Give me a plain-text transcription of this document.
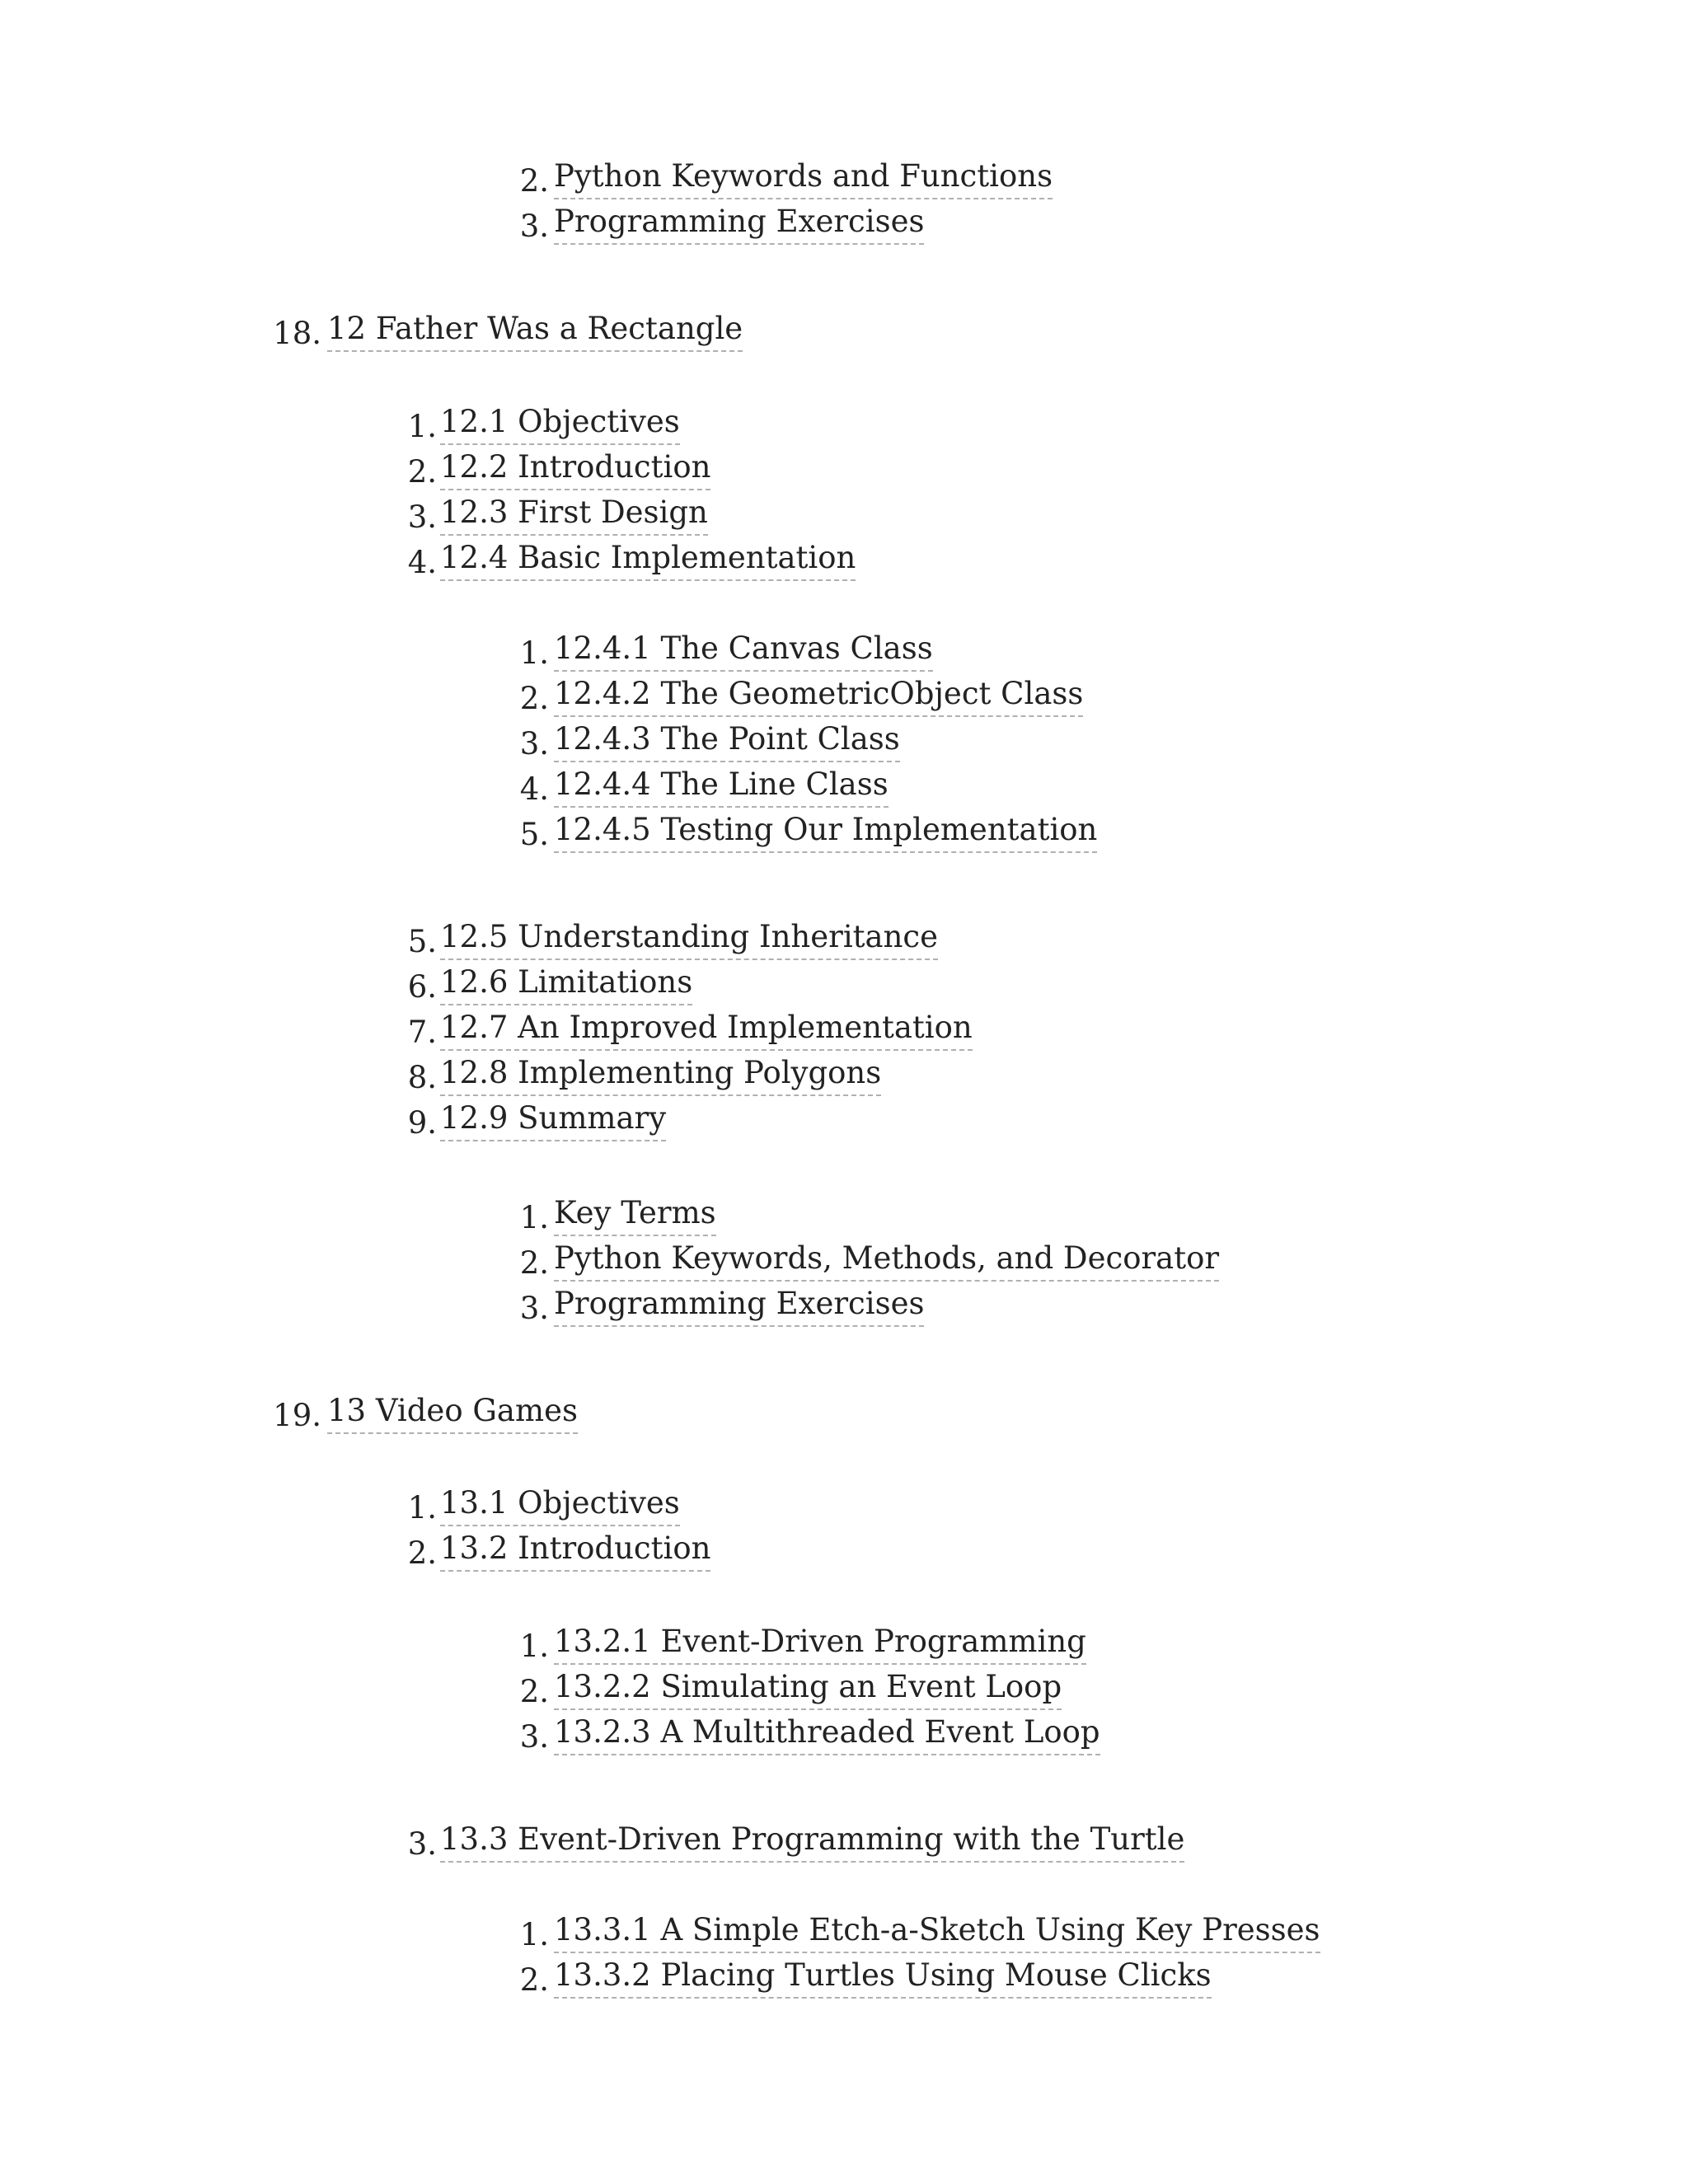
2. Python Keywords and Functions
3. Programming Exercises
18. 12 Father Was a Rectangle
1. 12.1 Objectives
2. 12.2 Introduction
3. 12.3 First Design
4. 12.4 Basic Implementation
1. 12.4.1 The Canvas Class
2. 12.4.2 The GeometricObject Class
3. 12.4.3 The Point Class
4. 12.4.4 The Line Class
5. 12.4.5 Testing Our Implementation
5. 12.5 Understanding Inheritance
6. 12.6 Limitations
7. 12.7 An Improved Implementation
8. 12.8 Implementing Polygons
9. 12.9 Summary
1. Key Terms
2. Python Keywords, Methods, and Decorator
3. Programming Exercises
19. 13 Video Games
1. 13.1 Objectives
2. 13.2 Introduction
1. 13.2.1 Event-Driven Programming
2. 13.2.2 Simulating an Event Loop
3. 13.2.3 A Multithreaded Event Loop
3. 13.3 Event-Driven Programming with the Turtle
1. 13.3.1 A Simple Etch-a-Sketch Using Key Presses
2. 13.3.2 Placing Turtles Using Mouse Clicks
